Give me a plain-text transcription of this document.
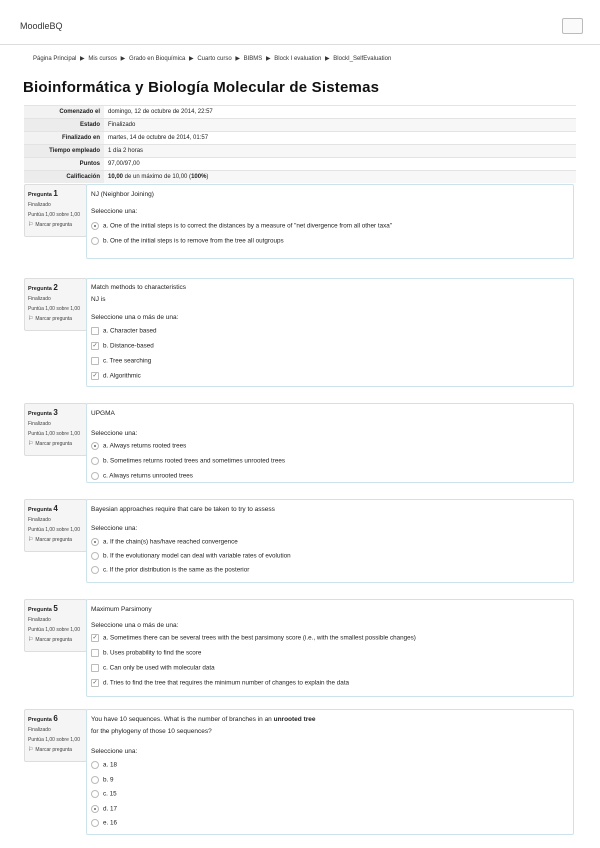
MoodleBQ
Página Principal ▶ Mis cursos ▶ Grado en Bioquímica ▶ Cuarto curso ▶ BIBMS ▶ Block I evaluation ▶ BlockI_SelfEvaluation
Bioinformática y Biología Molecular de Sistemas
Comenzado el	domingo, 12 de octubre de 2014, 22:57
Estado	Finalizado
Finalizado en	martes, 14 de octubre de 2014, 01:57
Tiempo empleado	1 día 2 horas
Puntos	97,00/97,00
Calificación	10,00 de un máximo de 10,00 (100%)
Pregunta 1
Finalizado
Puntúa 1,00 sobre 1,00
⚐ Marcar pregunta
NJ (Neighbor Joining)
Seleccione una:
a. One of the initial steps is to correct the distances by a measure of "net divergence from all other taxa"
b. One of the initial steps is to remove from the tree all outgroups
Pregunta 2
Finalizado
Puntúa 1,00 sobre 1,00
⚐ Marcar pregunta
Match methods to characteristics
NJ is
Seleccione una o más de una:
a. Character based
✓ b. Distance-based
c. Tree searching
✓ d. Algorithmic
Pregunta 3
Finalizado
Puntúa 1,00 sobre 1,00
⚐ Marcar pregunta
UPGMA
Seleccione una:
a. Always returns rooted trees
b. Sometimes returns rooted trees and sometimes unrooted trees
c. Always returns unrooted trees
Pregunta 4
Finalizado
Puntúa 1,00 sobre 1,00
⚐ Marcar pregunta
Bayesian approaches require that care be taken to try to assess
Seleccione una:
a. If the chain(s) has/have reached convergence
b. If the evolutionary model can deal with variable rates of evolution
c. If the prior distribution is the same as the posterior
Pregunta 5
Finalizado
Puntúa 1,00 sobre 1,00
⚐ Marcar pregunta
Maximum Parsimony
Seleccione una o más de una:
✓ a. Sometimes there can be several trees with the best parsimony score (i.e., with the smallest possible changes)
b. Uses probability to find the score
c. Can only be used with molecular data
✓ d. Tries to find the tree that requires the minimum number of changes to explain the data
Pregunta 6
Finalizado
Puntúa 1,00 sobre 1,00
⚐ Marcar pregunta
You have 10 sequences. What is the number of branches in an unrooted tree
for the phylogeny of those 10 sequences?
Seleccione una:
a. 18
b. 9
c. 15
d. 17
e. 16
